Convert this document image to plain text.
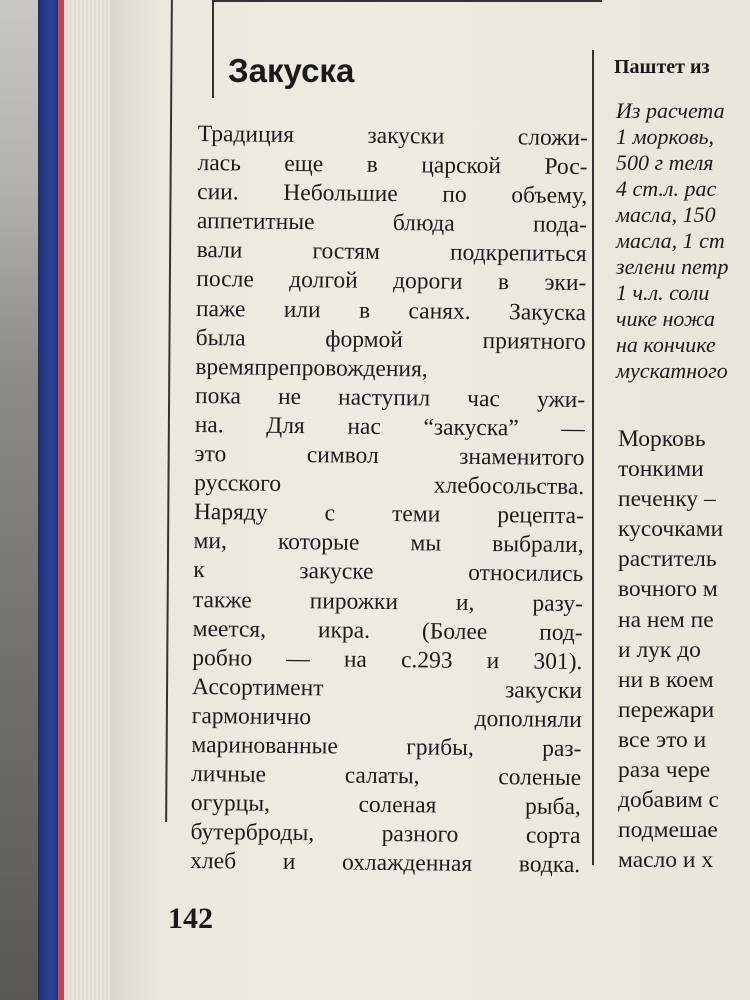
Закуска
Традиция закуски сложи-
лась еще в царской Рос-
сии. Небольшие по объему,
аппетитные блюда пода-
вали гостям подкрепиться
после долгой дороги в эки-
паже или в санях. Закуска
была формой приятного
времяпрепровождения,
пока не наступил час ужи-
на. Для нас “закуска” —
это символ знаменитого
русского хлебосольства.
Наряду с теми рецепта-
ми, которые мы выбрали,
к закуске относились
также пирожки и, разу-
меется, икра. (Более под-
робно — на с.293 и 301).
Ассортимент закуски
гармонично дополняли
маринованные грибы, раз-
личные салаты, соленые
огурцы, соленая рыба,
бутерброды, разного сорта
хлеб и охлажденная водка.
Паштет из
Из расчета
1 морковь,
500 г теля
4 ст.л. рас
масла, 150
масла, 1 ст
зелени петр
1 ч.л. соли
чике ножа
на кончике
мускатного
Морковь
тонкими
печенку –
кусочками
раститель
вочного м
на нем пе
и лук до
ни в коем
пережари
все это и
раза чере
добавим с
подмешае
масло и х
142
